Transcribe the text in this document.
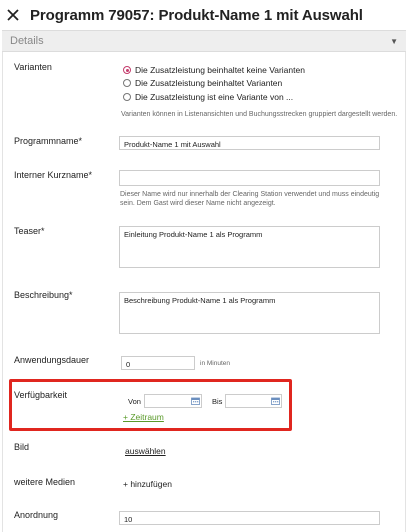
Programm 79057: Produkt-Name 1 mit Auswahl
Details	▼
Varianten	Die Zusatzleistung beinhaltet keine Varianten
Die Zusatzleistung beinhaltet Varianten
Die Zusatzleistung ist eine Variante von ...
Varianten können in Listenansichten und Buchungsstrecken gruppiert dargestellt werden.
Programmname*	Produkt-Name 1 mit Auswahl
Interner Kurzname*
Dieser Name wird nur innerhalb der Clearing Station verwendet und muss eindeutig sein. Dem Gast wird dieser Name nicht angezeigt.
Teaser*	Einleitung Produkt-Name 1 als Programm
Beschreibung*
Beschreibung Produkt-Name 1 als Programm
Anwendungsdauer	0	in Minuten
Verfügbarkeit
Von	Bis
+ Zeitraum
Bild	auswählen
weitere Medien	+ hinzufügen
Anordnung	10
